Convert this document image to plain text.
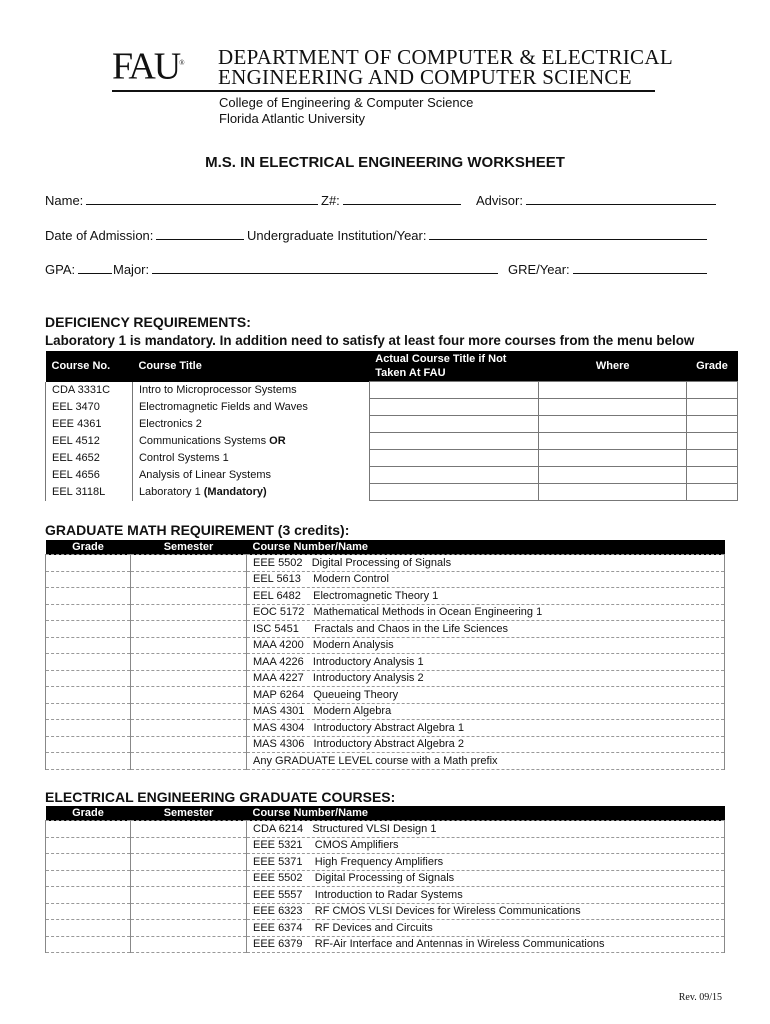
FAU® DEPARTMENT OF COMPUTER & ELECTRICAL
ENGINEERING AND COMPUTER SCIENCE
College of Engineering & Computer Science
Florida Atlantic University
M.S. IN ELECTRICAL ENGINEERING WORKSHEET
Name:	Z#:	Advisor:
Date of Admission:	Undergraduate Institution/Year:
GPA:	Major:	GRE/Year:
DEFICIENCY REQUIREMENTS:
Laboratory 1 is mandatory. In addition need to satisfy at least four more courses from the menu below
Course No.	Course Title	Actual Course Title if Not Taken At FAU	Where	Grade
CDA 3331C	Intro to Microprocessor Systems			
EEL 3470	Electromagnetic Fields and Waves			
EEE 4361	Electronics 2			
EEL 4512	Communications Systems OR			
EEL 4652	Control Systems 1			
EEL 4656	Analysis of Linear Systems			
EEL 3118L	Laboratory 1 (Mandatory)			
GRADUATE MATH REQUIREMENT (3 credits):
Grade	Semester	Course Number/Name
		EEE 5502   Digital Processing of Signals
		EEL 5613    Modern Control
		EEL 6482    Electromagnetic Theory 1
		EOC 5172   Mathematical Methods in Ocean Engineering 1
		ISC 5451     Fractals and Chaos in the Life Sciences
		MAA 4200   Modern Analysis
		MAA 4226   Introductory Analysis 1
		MAA 4227   Introductory Analysis 2
		MAP 6264   Queueing Theory
		MAS 4301   Modern Algebra
		MAS 4304   Introductory Abstract Algebra 1
		MAS 4306   Introductory Abstract Algebra 2
		Any GRADUATE LEVEL course with a Math prefix
ELECTRICAL ENGINEERING GRADUATE COURSES:
Grade	Semester	Course Number/Name
		CDA 6214   Structured VLSI Design 1
		EEE 5321    CMOS Amplifiers
		EEE 5371    High Frequency Amplifiers
		EEE 5502    Digital Processing of Signals
		EEE 5557    Introduction to Radar Systems
		EEE 6323    RF CMOS VLSI Devices for Wireless Communications
		EEE 6374    RF Devices and Circuits
		EEE 6379    RF-Air Interface and Antennas in Wireless Communications
Rev. 09/15
